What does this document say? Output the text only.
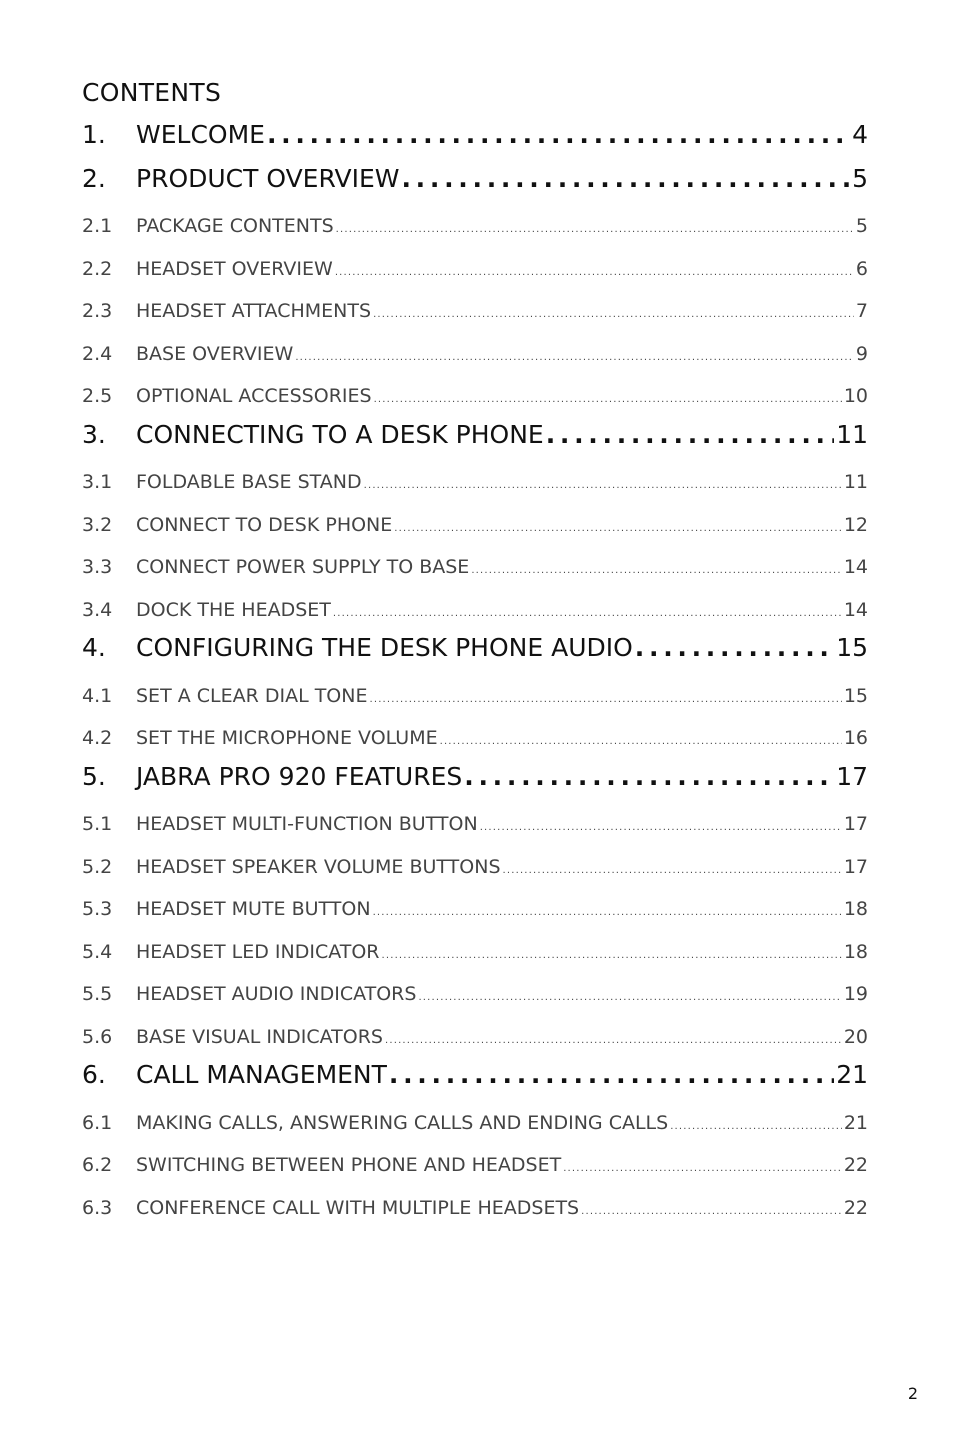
CONTENTS
1.	WELCOME . . .	4
2.	PRODUCT OVERVIEW . . .	5
2.1	PACKAGE CONTENTS . . .	5
2.2	HEADSET OVERVIEW . . .	6
2.3	HEADSET ATTACHMENTS . . .	7
2.4	BASE OVERVIEW . . .	9
2.5	OPTIONAL ACCESSORIES . . .	10
3.	CONNECTING TO A DESK PHONE . . .	11
3.1	FOLDABLE BASE STAND . . .	11
3.2	CONNECT TO DESK PHONE . . .	12
3.3	CONNECT POWER SUPPLY TO BASE . . .	14
3.4	DOCK THE HEADSET . . .	14
4.	CONFIGURING THE DESK PHONE AUDIO . . .	15
4.1	SET A CLEAR DIAL TONE . . .	15
4.2	SET THE MICROPHONE VOLUME . . .	16
5.	JABRA PRO 920 FEATURES . . .	17
5.1	HEADSET MULTI-FUNCTION BUTTON . . .	17
5.2	HEADSET SPEAKER VOLUME BUTTONS . . .	17
5.3	HEADSET MUTE BUTTON . . .	18
5.4	HEADSET LED INDICATOR . . .	18
5.5	HEADSET AUDIO INDICATORS . . .	19
5.6	BASE VISUAL INDICATORS . . .	20
6.	CALL MANAGEMENT . . .	21
6.1	MAKING CALLS, ANSWERING CALLS AND ENDING CALLS . . .	21
6.2	SWITCHING BETWEEN PHONE AND HEADSET . . .	22
6.3	CONFERENCE CALL WITH MULTIPLE HEADSETS . . .	22
2
